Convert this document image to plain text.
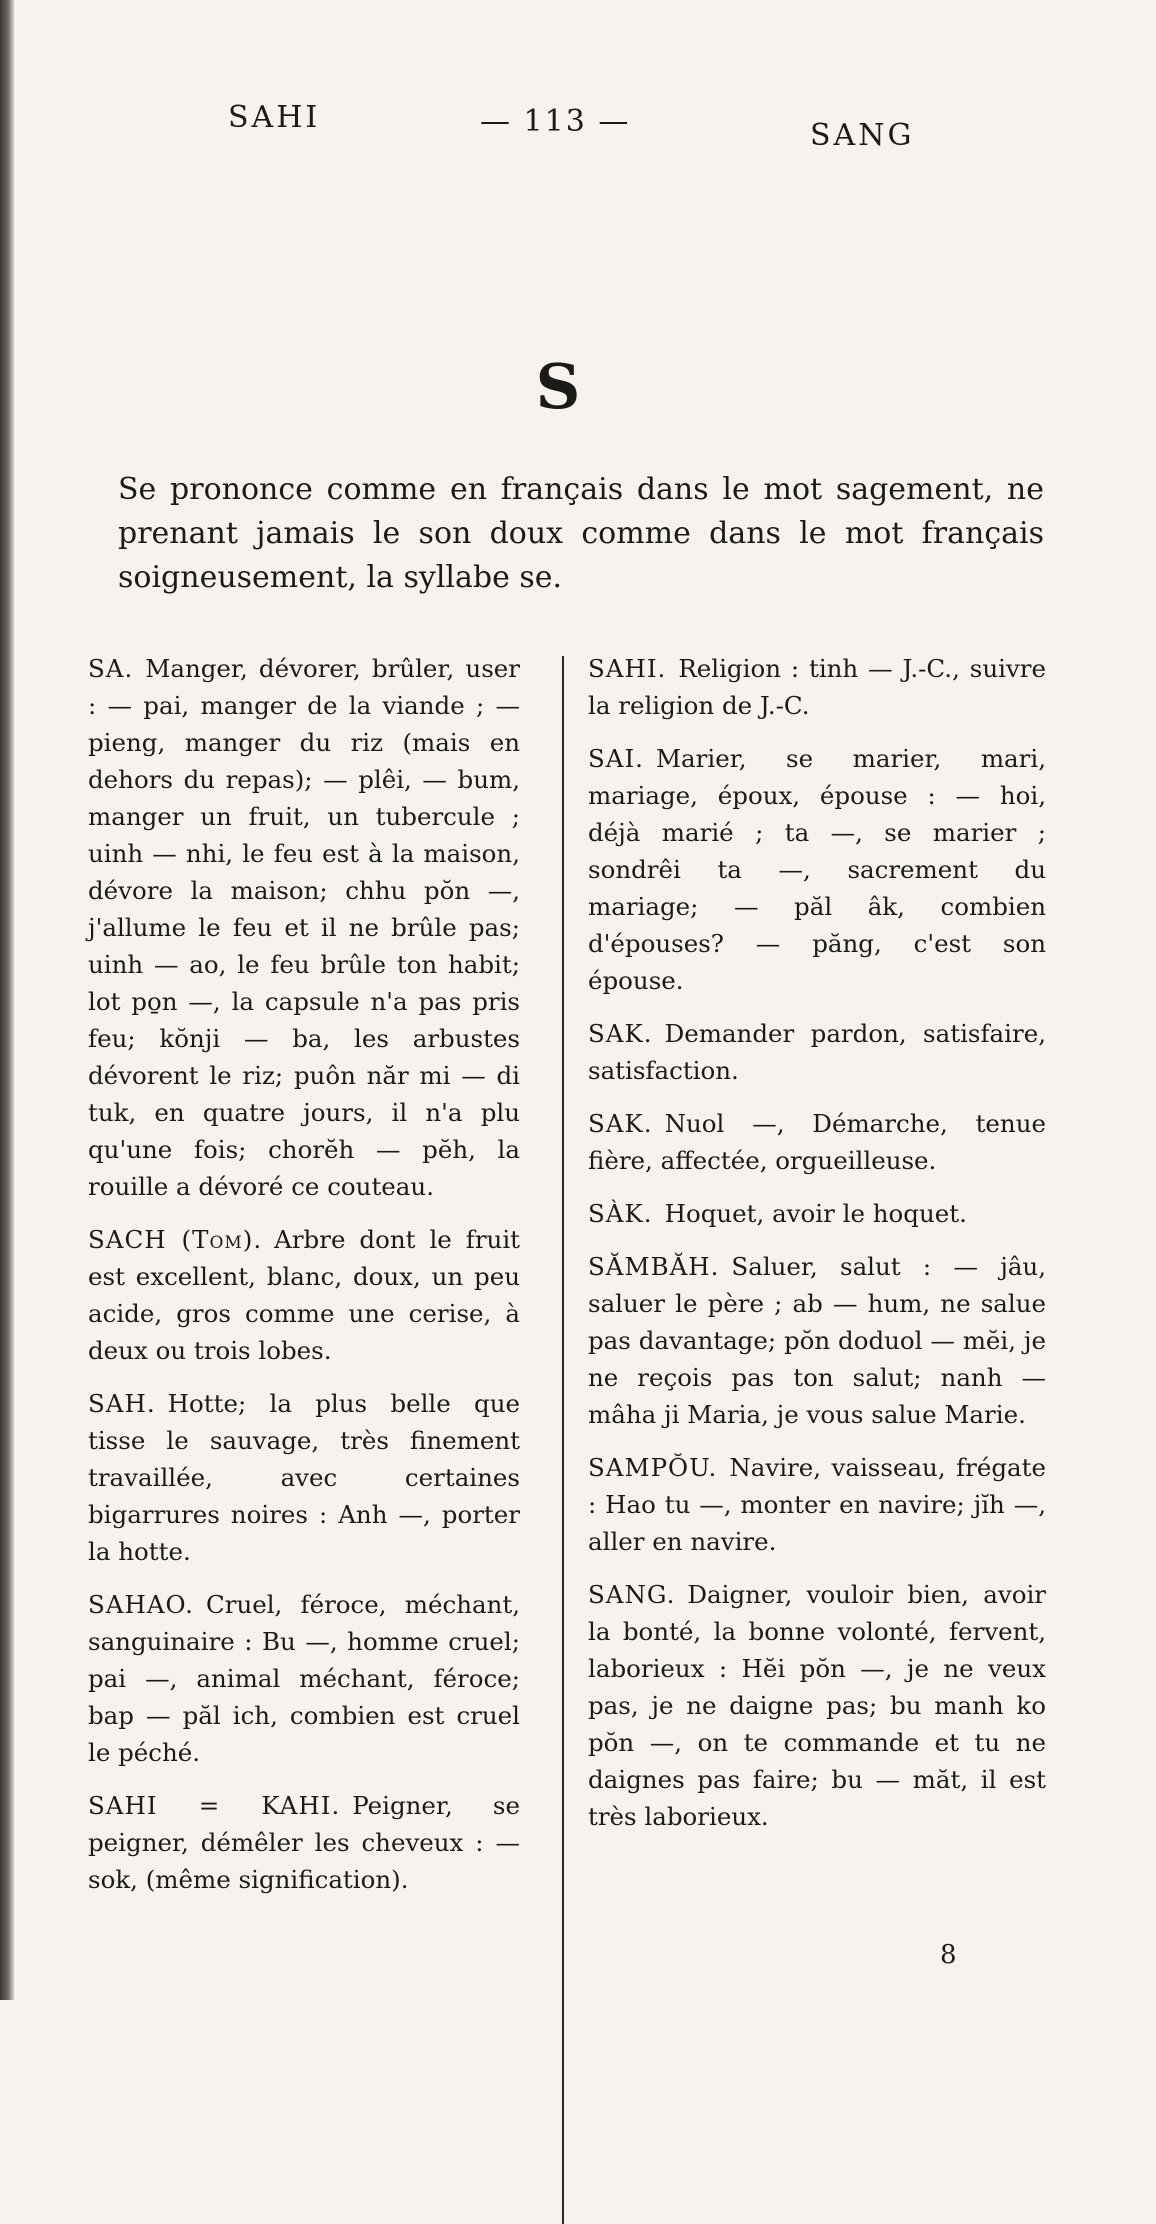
SAHI	— 113 —	SANG
S
Se prononce comme en français dans le mot sagement, ne prenant jamais le son doux comme dans le mot français soigneusement, la syllabe se.

SA. Manger, dévorer, brûler, user : — pai, manger de la viande ; — pieng, manger du riz (mais en dehors du repas); — plêi, — bum, manger un fruit, un tubercule ; uinh — nhi, le feu est à la maison, dévore la maison; chhu pŏn —, j'allume le feu et il ne brûle pas; uinh — ao, le feu brûle ton habit; lot po̱n —, la capsule n'a pas pris feu; kŏnji — ba, les arbustes dévorent le riz; puôn năr mi — di tuk, en quatre jours, il n'a plu qu'une fois; chorĕh — pĕh, la rouille a dévoré ce couteau.

SACH (Tom). Arbre dont le fruit est excellent, blanc, doux, un peu acide, gros comme une cerise, à deux ou trois lobes.

SAH. Hotte; la plus belle que tisse le sauvage, très finement travaillée, avec certaines bigarrures noires : Anh —, porter la hotte.

SAHAO. Cruel, féroce, méchant, sanguinaire : Bu —, homme cruel; pai —, animal méchant, féroce; bap — păl ich, combien est cruel le péché.

SAHI = KAHI. Peigner, se peigner, démêler les cheveux : — sok, (même signification).

SAHI. Religion : tinh — J.-C., suivre la religion de J.-C.

SAI. Marier, se marier, mari, mariage, époux, épouse : — hoi, déjà marié ; ta —, se marier ; sondrêi ta —, sacrement du mariage; — păl âk, combien d'épouses? — păng, c'est son épouse.

SAK. Demander pardon, satisfaire, satisfaction.

SAK. Nuol —, Démarche, tenue fière, affectée, orgueilleuse.

SÀK. Hoquet, avoir le hoquet.

SĂMBĂH. Saluer, salut : — jâu, saluer le père ; ab — hum, ne salue pas davantage; pŏn doduol — mĕi, je ne reçois pas ton salut; nanh — mâha ji Maria, je vous salue Marie.

SAMPŎU. Navire, vaisseau, frégate : Hao tu —, monter en navire; jĭh —, aller en navire.

SANG. Daigner, vouloir bien, avoir la bonté, la bonne volonté, fervent, laborieux : Hĕi pŏn —, je ne veux pas, je ne daigne pas; bu manh ko pŏn —, on te commande et tu ne daignes pas faire; bu — măt, il est très laborieux.

8
